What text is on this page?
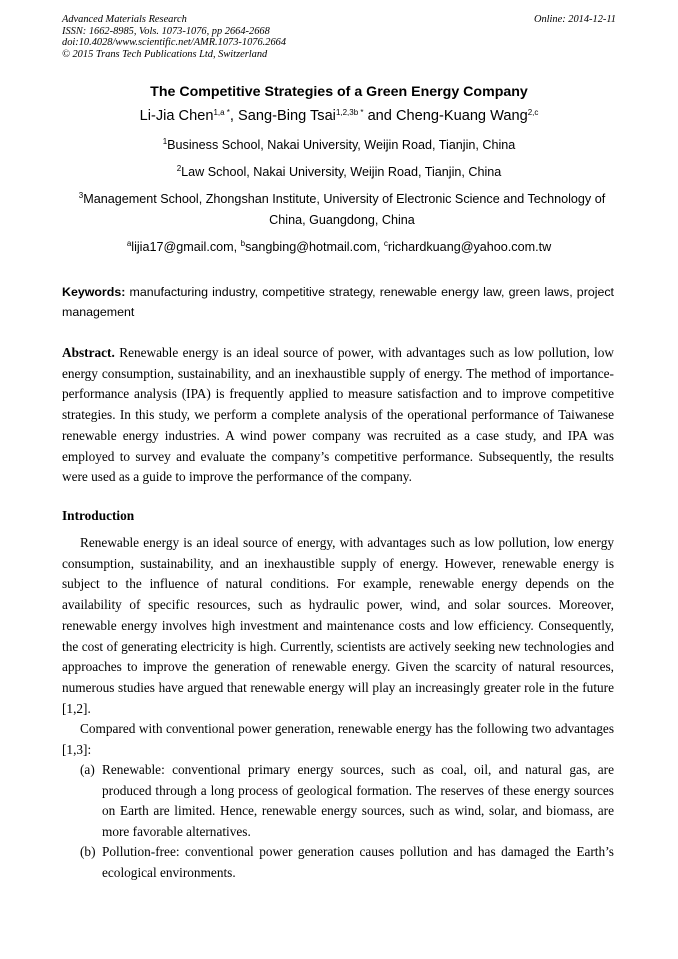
Advanced Materials Research
ISSN: 1662-8985, Vols. 1073-1076, pp 2664-2668
doi:10.4028/www.scientific.net/AMR.1073-1076.2664
© 2015 Trans Tech Publications Ltd, Switzerland
Online: 2014-12-11
The Competitive Strategies of a Green Energy Company
Li-Jia Chen$^{1,a *}$, Sang-Bing Tsai$^{1,2,3b *}$ and Cheng-Kuang Wang$^{2,c}$
$^1$Business School, Nakai University, Weijin Road, Tianjin, China
$^2$Law School, Nakai University, Weijin Road, Tianjin, China
$^3$Management School, Zhongshan Institute, University of Electronic Science and Technology of China, Guangdong, China
$^a$lijia17@gmail.com, $^b$sangbing@hotmail.com, $^c$richardkuang@yahoo.com.tw
Keywords: manufacturing industry, competitive strategy, renewable energy law, green laws, project management
Abstract. Renewable energy is an ideal source of power, with advantages such as low pollution, low energy consumption, sustainability, and an inexhaustible supply of energy. The method of importance-performance analysis (IPA) is frequently applied to measure satisfaction and to improve competitive strategies. In this study, we perform a complete analysis of the operational performance of Taiwanese renewable energy industries. A wind power company was recruited as a case study, and IPA was employed to survey and evaluate the company’s competitive performance. Subsequently, the results were used as a guide to improve the performance of the company.
Introduction
Renewable energy is an ideal source of energy, with advantages such as low pollution, low energy consumption, sustainability, and an inexhaustible supply of energy. However, renewable energy is subject to the influence of natural conditions. For example, renewable energy depends on the availability of specific resources, such as hydraulic power, wind, and solar sources. Moreover, renewable energy involves high investment and maintenance costs and low efficiency. Consequently, the cost of generating electricity is high. Currently, scientists are actively seeking new technologies and approaches to improve the generation of renewable energy. Given the scarcity of natural resources, numerous studies have argued that renewable energy will play an increasingly greater role in the future [1,2].
Compared with conventional power generation, renewable energy has the following two advantages [1,3]:
(a) Renewable: conventional primary energy sources, such as coal, oil, and natural gas, are produced through a long process of geological formation. The reserves of these energy sources on Earth are limited. Hence, renewable energy sources, such as wind, solar, and biomass, are more favorable alternatives.
(b) Pollution-free: conventional power generation causes pollution and has damaged the Earth’s ecological environments.
